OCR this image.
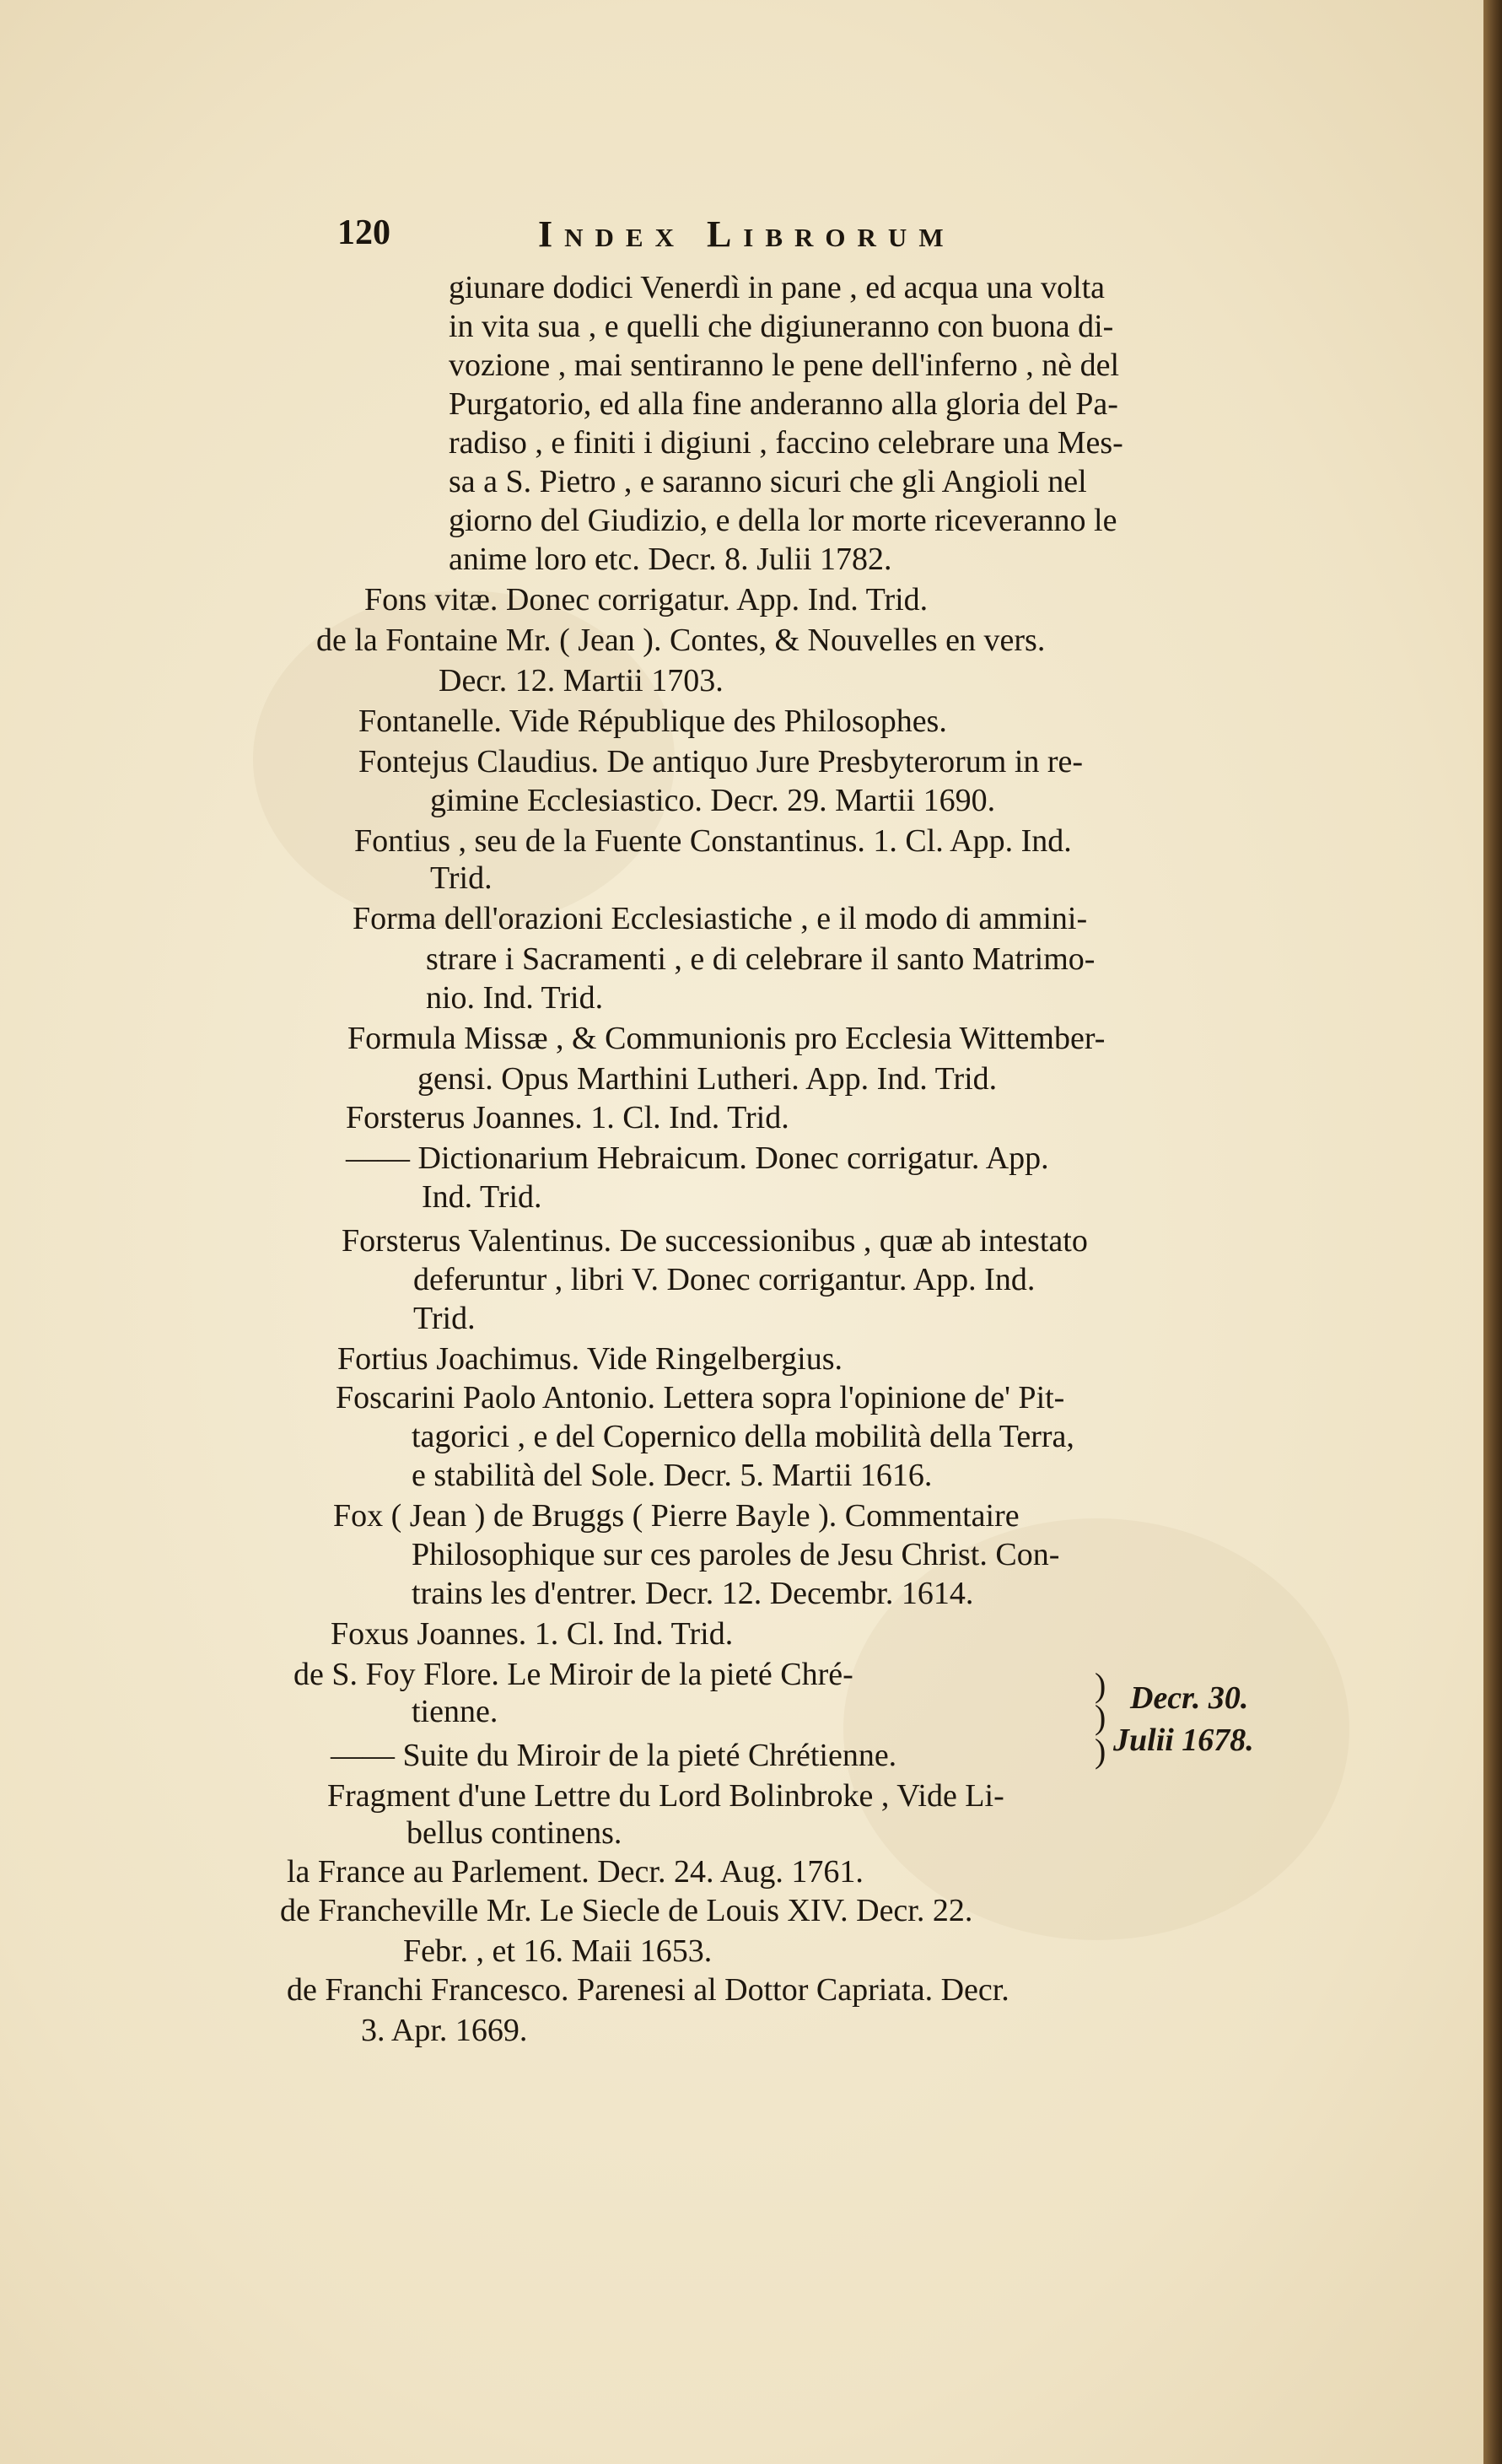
120	Index Librorum
giunare dodici Venerdì in pane , ed acqua una volta
in vita sua , e quelli che digiuneranno con buona di-
vozione , mai sentiranno le pene dell'inferno , nè del
Purgatorio, ed alla fine anderanno alla gloria del Pa-
radiso , e finiti i digiuni , faccino celebrare una Mes-
sa a S. Pietro , e saranno sicuri che gli Angioli nel
giorno del Giudizio, e della lor morte riceveranno le
anime loro etc. Decr. 8. Julii 1782.
Fons vitæ. Donec corrigatur. App. Ind. Trid.
de la Fontaine Mr. ( Jean ). Contes, & Nouvelles en vers.
Decr. 12. Martii 1703.
Fontanelle. Vide République des Philosophes.
Fontejus Claudius. De antiquo Jure Presbyterorum in re-
gimine Ecclesiastico. Decr. 29. Martii 1690.
Fontius , seu de la Fuente Constantinus. 1. Cl. App. Ind.
Trid.
Forma dell'orazioni Ecclesiastiche , e il modo di ammini-
strare i Sacramenti , e di celebrare il santo Matrimo-
nio. Ind. Trid.
Formula Missæ , & Communionis pro Ecclesia Wittember-
gensi. Opus Marthini Lutheri. App. Ind. Trid.
Forsterus Joannes. 1. Cl. Ind. Trid.
—— Dictionarium Hebraicum. Donec corrigatur. App.
Ind. Trid.
Forsterus Valentinus. De successionibus , quæ ab intestato
deferuntur , libri V. Donec corrigantur. App. Ind.
Trid.
Fortius Joachimus. Vide Ringelbergius.
Foscarini Paolo Antonio. Lettera sopra l'opinione de' Pit-
tagorici , e del Copernico della mobilità della Terra,
e stabilità del Sole. Decr. 5. Martii 1616.
Fox ( Jean ) de Bruggs ( Pierre Bayle ). Commentaire
Philosophique sur ces paroles de Jesu Christ. Con-
trains les d'entrer. Decr. 12. Decembr. 1614.
Foxus Joannes. 1. Cl. Ind. Trid.
de S. Foy Flore. Le Miroir de la pieté Chré-
tienne.
—— Suite du Miroir de la pieté Chrétienne.
)
)
)
Decr. 30.
Julii 1678.
Fragment d'une Lettre du Lord Bolinbroke , Vide Li-
bellus continens.
la France au Parlement. Decr. 24. Aug. 1761.
de Francheville Mr. Le Siecle de Louis XIV. Decr. 22.
Febr. , et 16. Maii 1653.
de Franchi Francesco. Parenesi al Dottor Capriata. Decr.
3. Apr. 1669.
